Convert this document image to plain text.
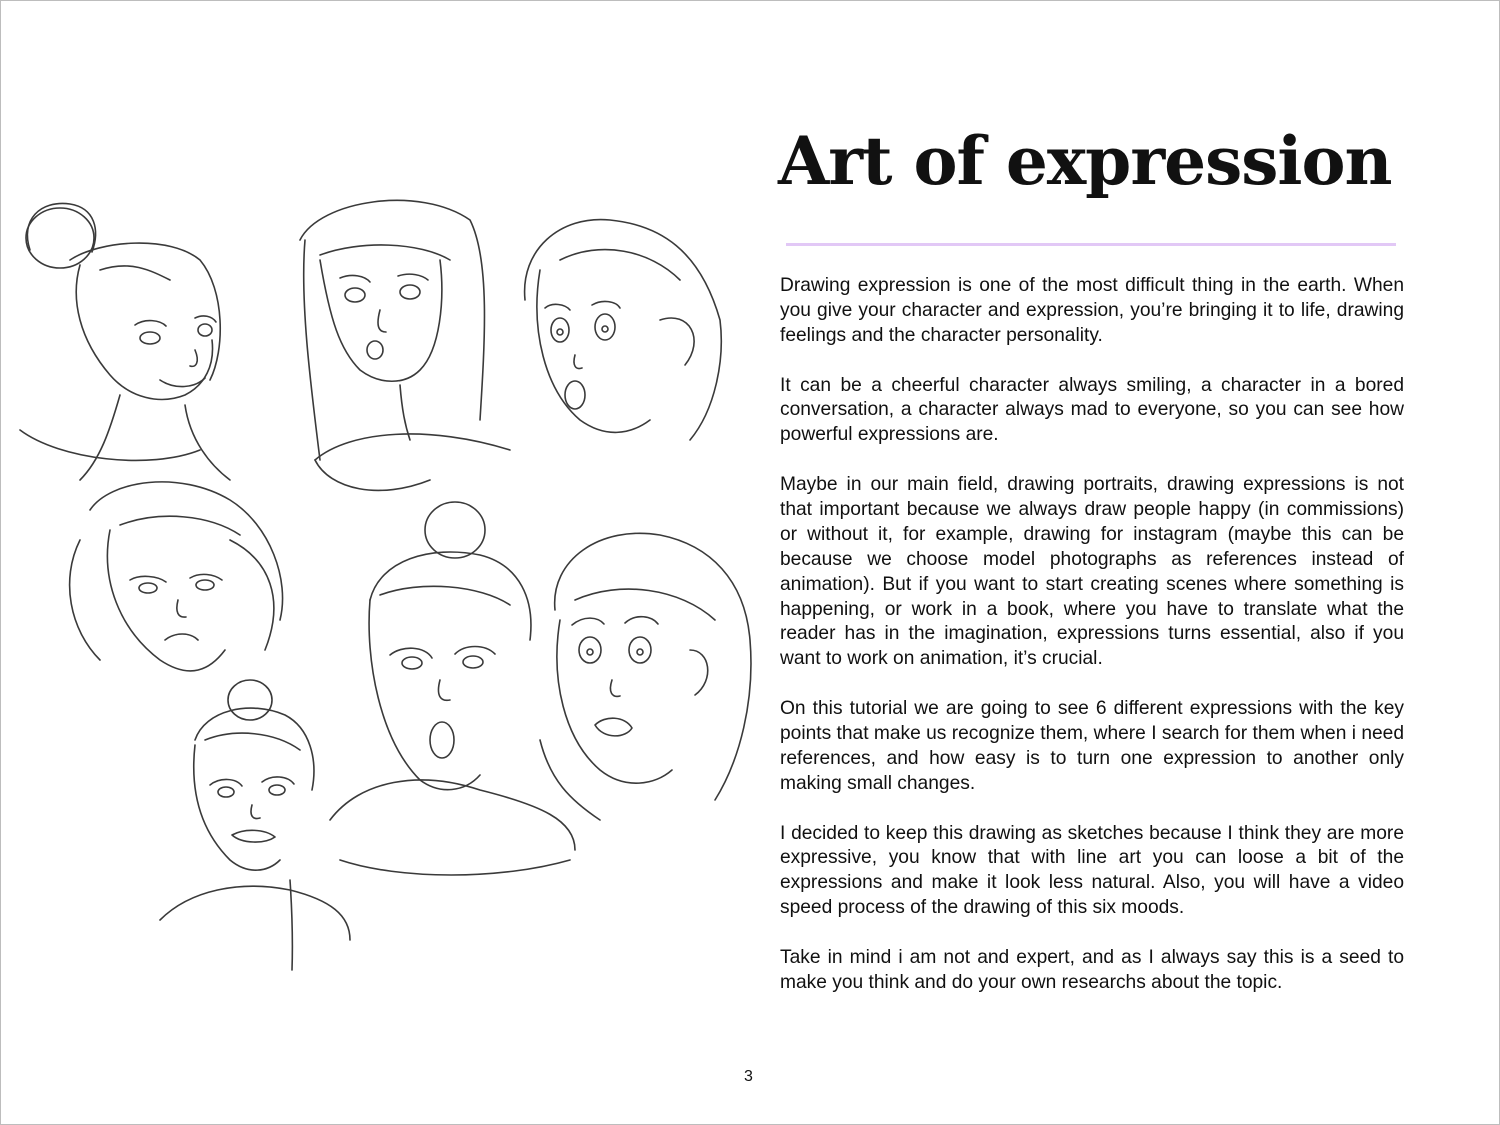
Art of expression

Drawing expression is one of the most difficult thing in the earth. When you give your character and expression, you’re bringing it to life, drawing feelings and the character personality.

It can be a cheerful character always smiling, a character in a bored conversation, a character always mad to everyone, so you can see how powerful expressions are.

Maybe in our main field, drawing portraits, drawing expressions is not that important because we always draw people happy (in commissions) or without it, for example, drawing for instagram (maybe this can be because we choose model photographs as references instead of animation). But if you want to start creating scenes where something is happening, or work in a book, where you have to translate what the reader has in the imagination, expressions turns essential, also if you want to work on animation, it’s crucial.

On this tutorial we are going to see 6 different expressions with the key points that make us recognize them, where I search for them when i need references, and how easy is to turn one expression to another only making small changes.

I decided to keep this drawing as sketches because I think they are more expressive, you know that with line art you can loose a bit of the expressions and make it look less natural. Also, you will have a video speed process of the drawing of this six moods.

Take in mind i am not and expert, and as I always say this is a seed to make you think and do your own researchs about the topic.

3
